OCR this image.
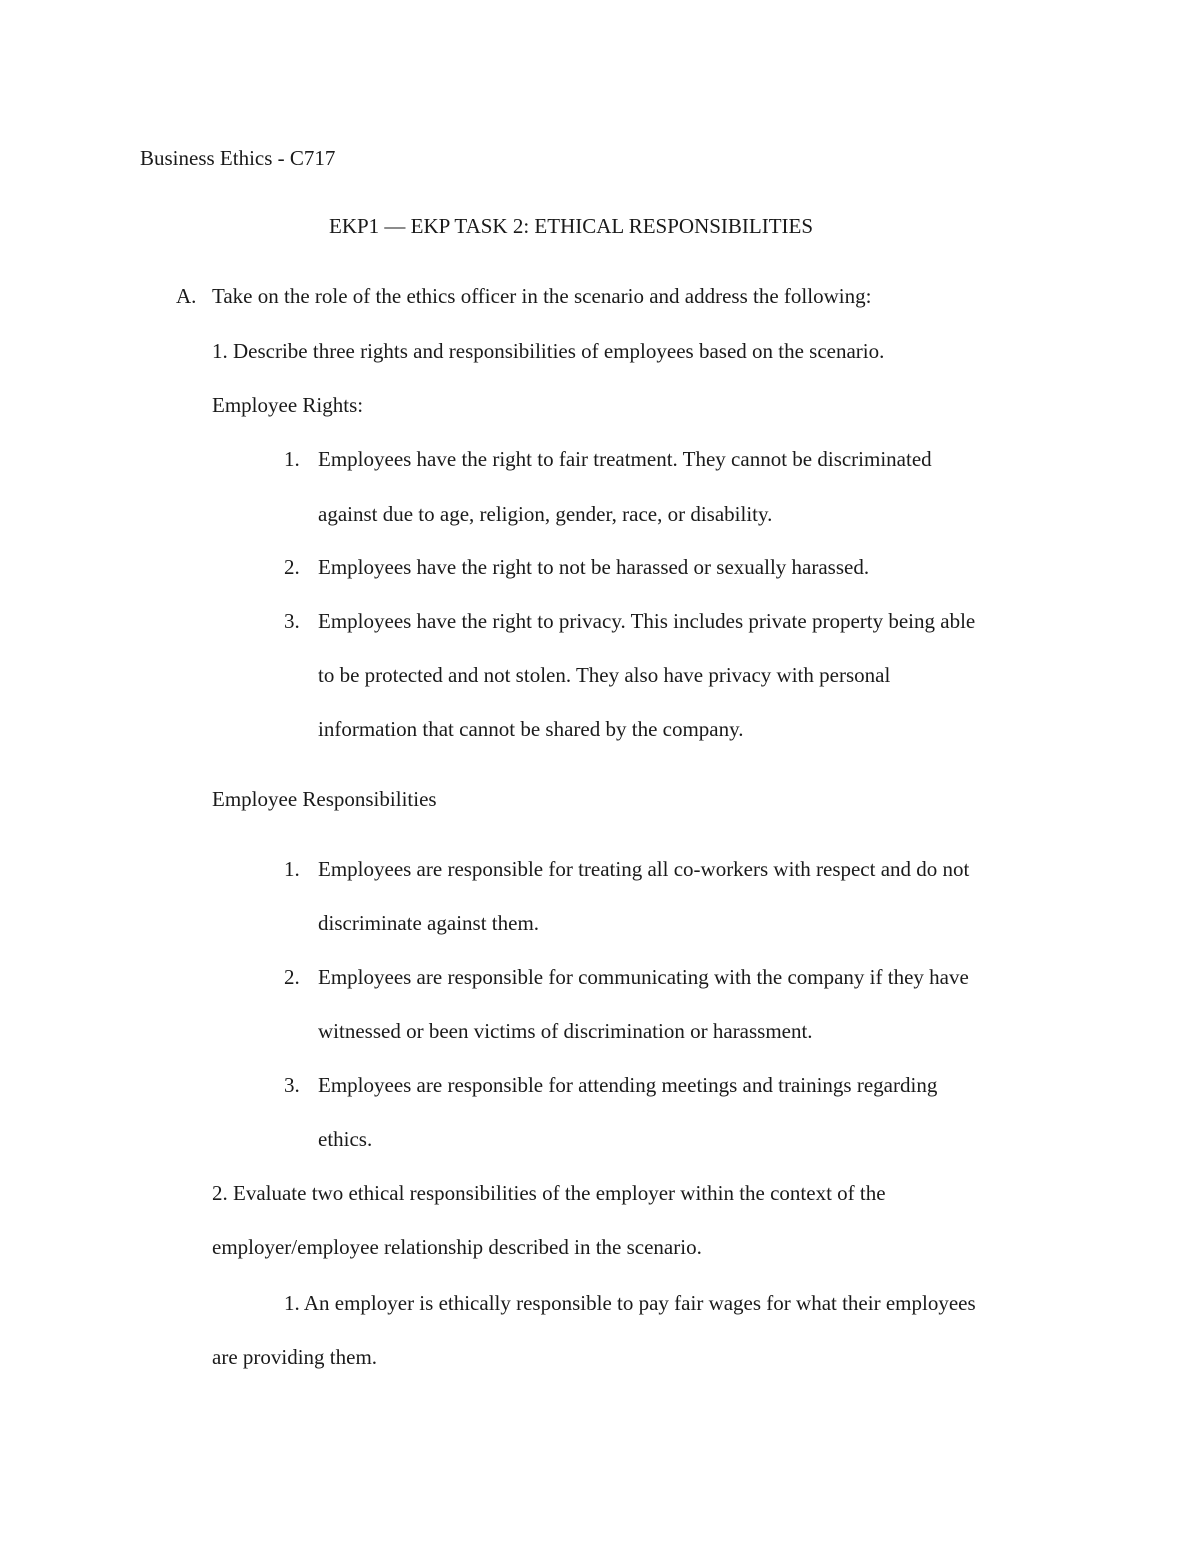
Business Ethics - C717
EKP1 — EKP TASK 2: ETHICAL RESPONSIBILITIES
A. Take on the role of the ethics officer in the scenario and address the following:
1. Describe three rights and responsibilities of employees based on the scenario.
Employee Rights:
1. Employees have the right to fair treatment. They cannot be discriminated
against due to age, religion, gender, race, or disability.
2. Employees have the right to not be harassed or sexually harassed.
3. Employees have the right to privacy. This includes private property being able
to be protected and not stolen. They also have privacy with personal
information that cannot be shared by the company.
Employee Responsibilities
1. Employees are responsible for treating all co-workers with respect and do not
discriminate against them.
2. Employees are responsible for communicating with the company if they have
witnessed or been victims of discrimination or harassment.
3. Employees are responsible for attending meetings and trainings regarding
ethics.
2. Evaluate two ethical responsibilities of the employer within the context of the
employer/employee relationship described in the scenario.
1. An employer is ethically responsible to pay fair wages for what their employees
are providing them.
